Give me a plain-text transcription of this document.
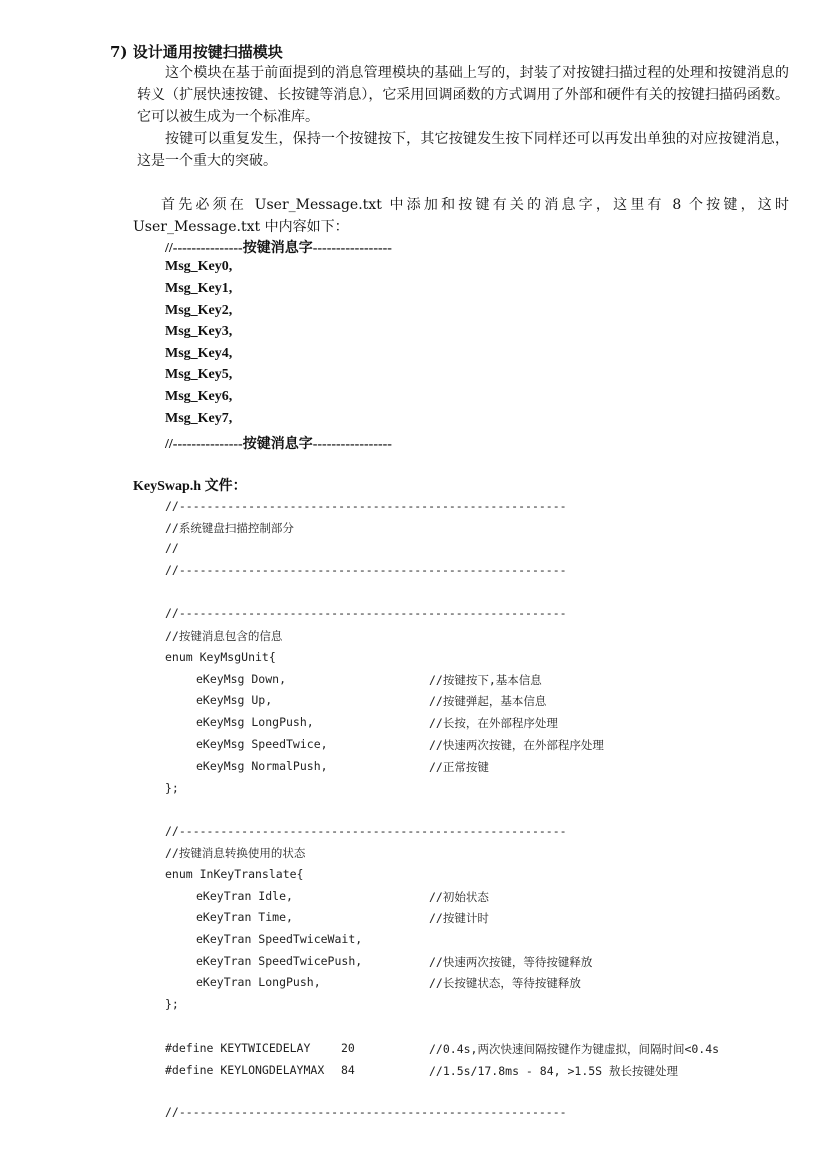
7) 设计通用按键扫描模块
这个模块在基于前面提到的消息管理模块的基础上写的，封装了对按键扫描过程的处理和按键消息的转义（扩展快速按键、长按键等消息），它采用回调函数的方式调用了外部和硬件有关的按键扫描码函数。它可以被生成为一个标准库。
按键可以重复发生，保持一个按键按下，其它按键发生按下同样还可以再发出单独的对应按键消息，这是一个重大的突破。
首先必须在 User_Message.txt 中添加和按键有关的消息字，这里有 8 个按键，这时 User_Message.txt 中内容如下：
//---------------按键消息字-----------------
Msg_Key0,
Msg_Key1,
Msg_Key2,
Msg_Key3,
Msg_Key4,
Msg_Key5,
Msg_Key6,
Msg_Key7,
//---------------按键消息字-----------------
KeySwap.h 文件：
//--------------------------------------------------------
//系统键盘扫描控制部分
//
//--------------------------------------------------------
//--------------------------------------------------------
//按键消息包含的信息
enum KeyMsgUnit{
eKeyMsg Down,	//按键按下,基本信息
eKeyMsg Up,	//按键弹起，基本信息
eKeyMsg LongPush,	//长按，在外部程序处理
eKeyMsg SpeedTwice,	//快速两次按键，在外部程序处理
eKeyMsg NormalPush,	//正常按键
};
//--------------------------------------------------------
//按键消息转换使用的状态
enum InKeyTranslate{
eKeyTran Idle,	//初始状态
eKeyTran Time,	//按键计时
eKeyTran SpeedTwiceWait,
eKeyTran SpeedTwicePush,	//快速两次按键，等待按键释放
eKeyTran LongPush,	//长按键状态，等待按键释放
};
#define KEYTWICEDELAY	20	//0.4s,两次快速间隔按键作为键虚拟，间隔时间<0.4s
#define KEYLONGDELAYMAX 84	//1.5s/17.8ms - 84, >1.5S 敖长按键处理
//--------------------------------------------------------
